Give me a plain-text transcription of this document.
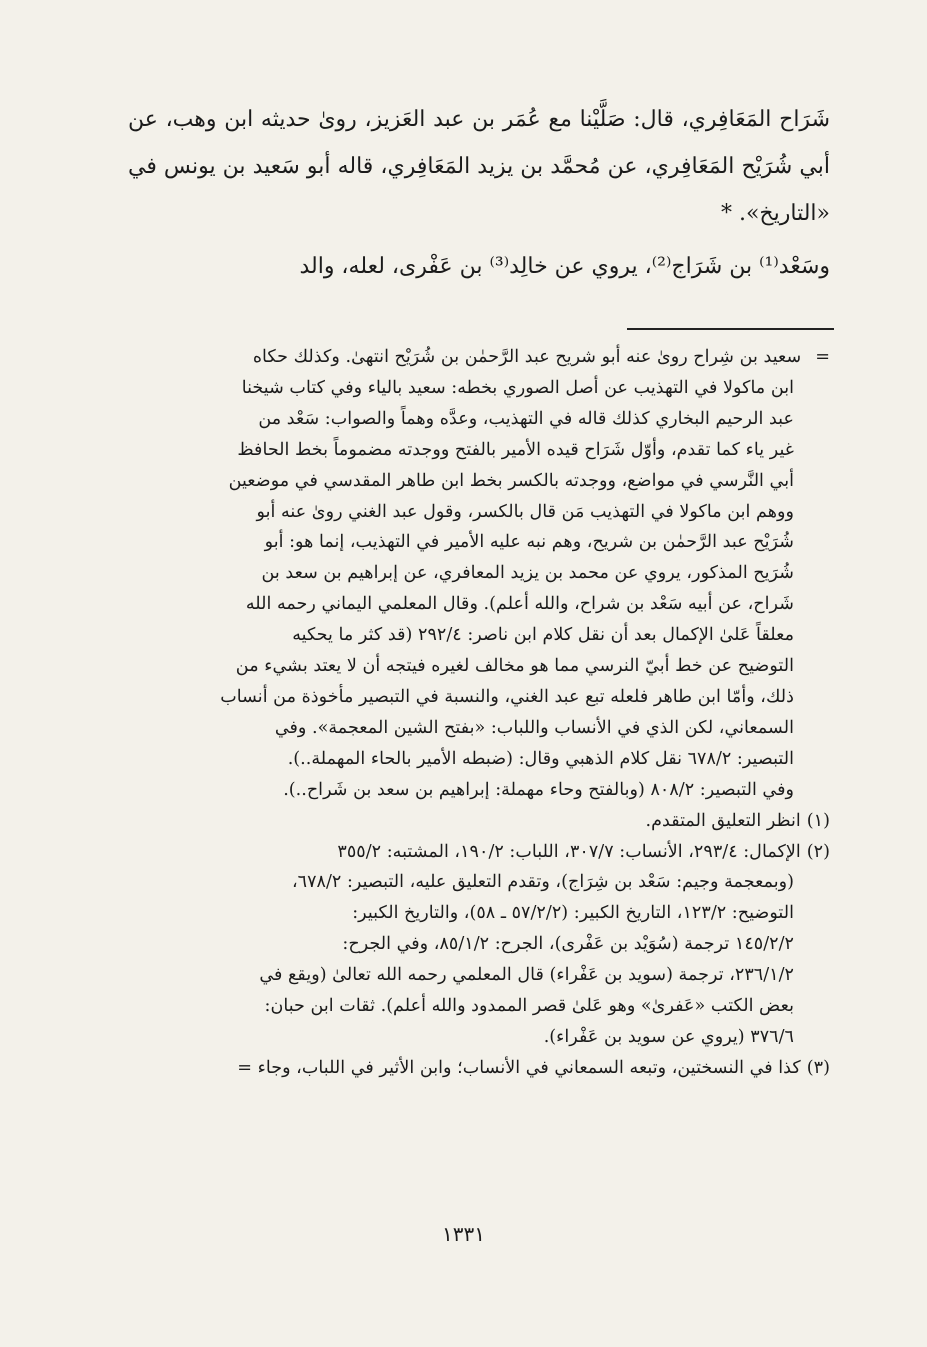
شَرَاح المَعَافِري، قال: صَلَّيْنا مع عُمَر بن عبد العَزيز، روىٰ حديثه ابن وهب، عن أبي شُرَيْح المَعَافِري، عن مُحمَّد بن يزيد المَعَافِري، قاله أبو سَعيد بن يونس في «التاريخ». *

وسَعْد⁽¹⁾ بن شَرَاج⁽²⁾، يروي عن خالِد⁽³⁾ بن عَفْرى، لعله، والد

=سعيد بن شِراح روىٰ عنه أبو شريح عبد الرَّحمٰن بن شُرَيْح انتهىٰ. وكذلك حكاه

ابن ماكولا في التهذيب عن أصل الصوري بخطه: سعيد بالياء وفي كتاب شيخنا

عبد الرحيم البخاري كذلك قاله في التهذيب، وعدَّه وهماً والصواب: سَعْد من

غير ياء كما تقدم، وأوّل شَرَاح قيده الأمير بالفتح ووجدته مضموماً بخط الحافظ

أبي النَّرسي في مواضع، ووجدته بالكسر بخط ابن طاهر المقدسي في موضعين

ووهم ابن ماكولا في التهذيب مَن قال بالكسر، وقول عبد الغني روىٰ عنه أبو

شُرَيْح عبد الرَّحمٰن بن شريح، وهم نبه عليه الأمير في التهذيب، إنما هو: أبو

شُرَيح المذكور، يروي عن محمد بن يزيد المعافري، عن إبراهيم بن سعد بن

شَراح، عن أبيه سَعْد بن شراح، والله أعلم). وقال المعلمي اليماني رحمه الله

معلقاً عَلىٰ الإكمال بعد أن نقل كلام ابن ناصر: ٢٩٢/٤ (قد كثر ما يحكيه

التوضيح عن خط أبيّ النرسي مما هو مخالف لغيره فيتجه أن لا يعتد بشيء من

ذلك، وأمّا ابن طاهر فلعله تبع عبد الغني، والنسبة في التبصير مأخوذة من أنساب

السمعاني، لكن الذي في الأنساب واللباب: «بفتح الشين المعجمة». وفي

التبصير: ٦٧٨/٢ نقل كلام الذهبي وقال: (ضبطه الأمير بالحاء المهملة..).

وفي التبصير: ٨٠٨/٢ (وبالفتح وحاء مهملة: إبراهيم بن سعد بن شَراح..).

(١)انظر التعليق المتقدم.

(٢)الإكمال: ٢٩٣/٤، الأنساب: ٣٠٧/٧، اللباب: ١٩٠/٢، المشتبه: ٣٥٥/٢

(وبمعجمة وجيم: سَعْد بن شِرَاج)، وتقدم التعليق عليه، التبصير: ٦٧٨/٢،

التوضيح: ١٢٣/٢، التاريخ الكبير: (٥٧/٢/٢ ـ ٥٨)، والتاريخ الكبير:

١٤٥/٢/٢ ترجمة (سُوَيْد بن عَفْرى)، الجرح: ٨٥/١/٢، وفي الجرح:

٢٣٦/١/٢، ترجمة (سويد بن عَفْراء) قال المعلمي رحمه الله تعالىٰ (ويقع في

بعض الكتب «عَفرىٰ» وهو عَلىٰ قصر الممدود والله أعلم). ثقات ابن حبان:

٣٧٦/٦ (يروي عن سويد بن عَفْراء).

(٣)كذا في النسختين، وتبعه السمعاني في الأنساب؛ وابن الأثير في اللباب، وجاء =

١٣٣١
